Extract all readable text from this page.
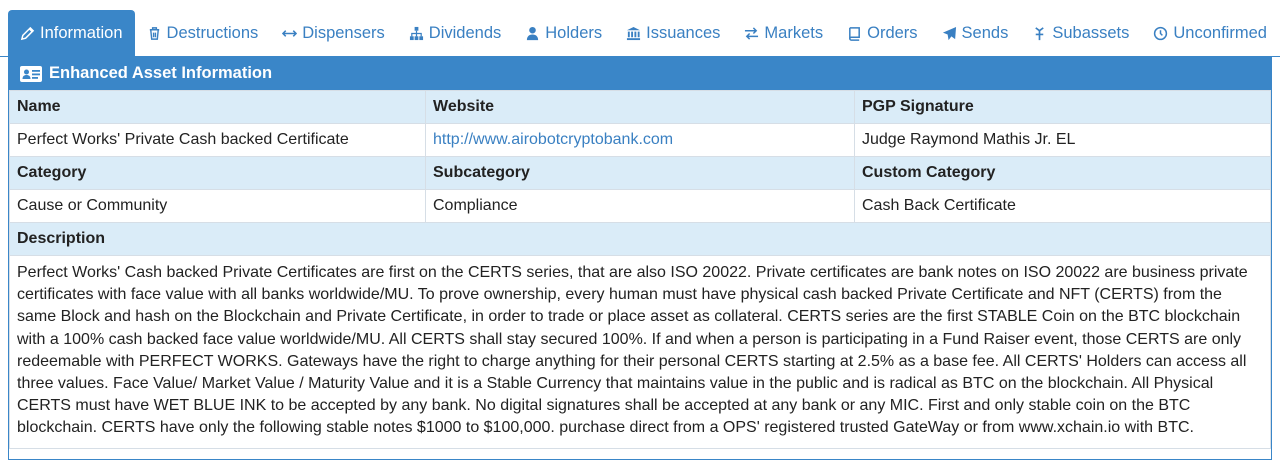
Information	Destructions	Dispensers	Dividends	Holders	Issuances	Markets	Orders	Sends	Subassets	Unconfirmed
Enhanced Asset Information
Name	Website	PGP Signature
Perfect Works' Private Cash backed Certificate	http://www.airobotcryptobank.com	Judge Raymond Mathis Jr. EL
Category	Subcategory	Custom Category
Cause or Community	Compliance	Cash Back Certificate
Description		
Perfect Works' Cash backed Private Certificates are first on the CERTS series, that are also ISO 20022. Private certificates are bank notes on ISO 20022 are business private certificates with face value with all banks worldwide/MU. To prove ownership, every human must have physical cash backed Private Certificate and NFT (CERTS) from the same Block and hash on the Blockchain and Private Certificate, in order to trade or place asset as collateral. CERTS series are the first STABLE Coin on the BTC blockchain with a 100% cash backed face value worldwide/MU. All CERTS shall stay secured 100%. If and when a person is participating in a Fund Raiser event, those CERTS are only redeemable with PERFECT WORKS. Gateways have the right to charge anything for their personal CERTS starting at 2.5% as a base fee. All CERTS' Holders can access all three values. Face Value/ Market Value / Maturity Value and it is a Stable Currency that maintains value in the public and is radical as BTC on the blockchain. All Physical CERTS must have WET BLUE INK to be accepted by any bank. No digital signatures shall be accepted at any bank or any MIC. First and only stable coin on the BTC blockchain. CERTS have only the following stable notes $1000 to $100,000. purchase direct from a OPS' registered trusted GateWay or from www.xchain.io with BTC.
